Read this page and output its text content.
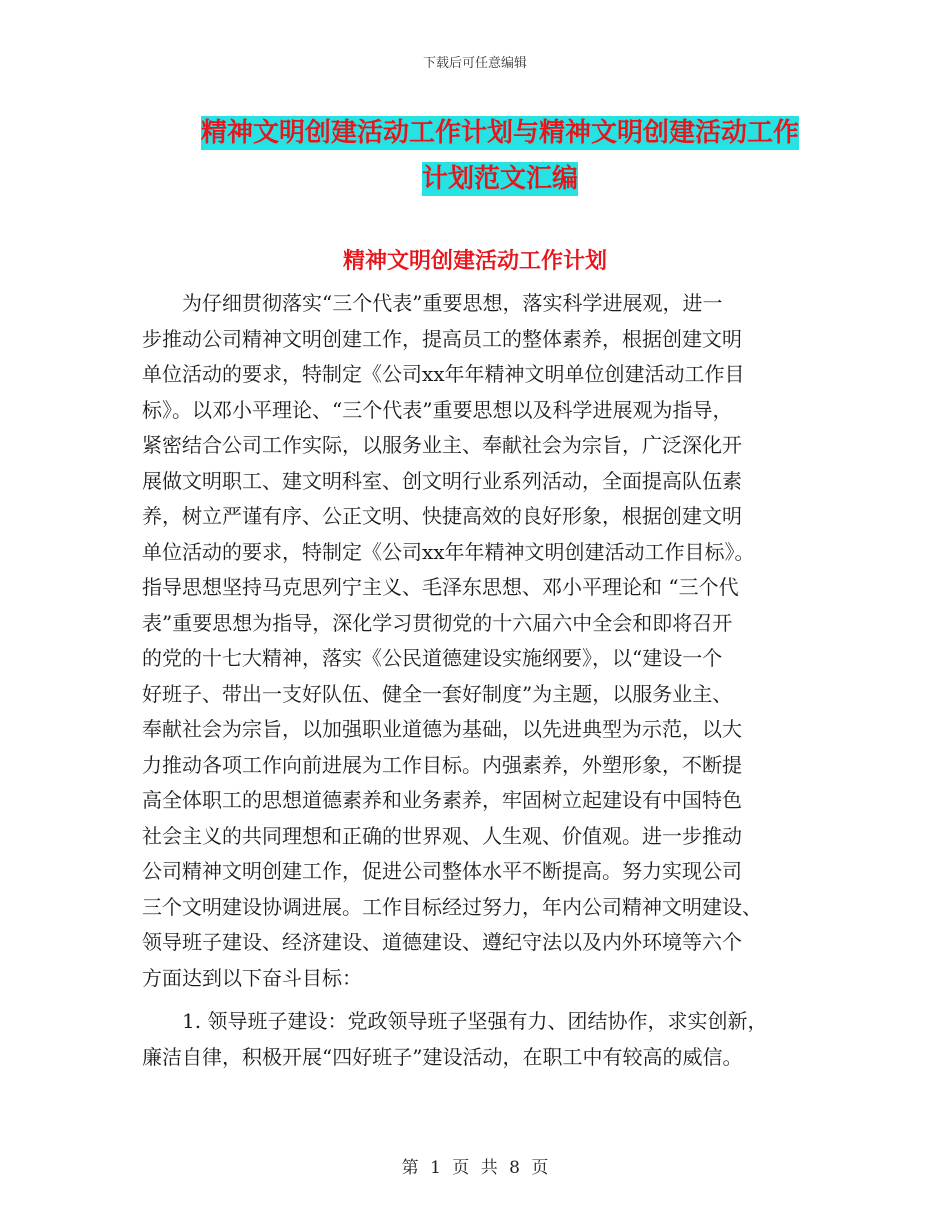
下载后可任意编辑
精神文明创建活动工作计划与精神文明创建活动工作
计划范文汇编
精神文明创建活动工作计划
为仔细贯彻落实“三个代表”重要思想，落实科学进展观，进一
步推动公司精神文明创建工作，提高员工的整体素养，根据创建文明
单位活动的要求，特制定《公司xx年年精神文明单位创建活动工作目
标》。以邓小平理论、“三个代表”重要思想以及科学进展观为指导，
紧密结合公司工作实际，以服务业主、奉献社会为宗旨，广泛深化开
展做文明职工、建文明科室、创文明行业系列活动，全面提高队伍素
养，树立严谨有序、公正文明、快捷高效的良好形象，根据创建文明
单位活动的要求，特制定《公司xx年年精神文明创建活动工作目标》。
指导思想坚持马克思列宁主义、毛泽东思想、邓小平理论和 “三个代
表”重要思想为指导，深化学习贯彻党的十六届六中全会和即将召开
的党的十七大精神，落实《公民道德建设实施纲要》，以“建设一个
好班子、带出一支好队伍、健全一套好制度”为主题，以服务业主、
奉献社会为宗旨，以加强职业道德为基础，以先进典型为示范，以大
力推动各项工作向前进展为工作目标。内强素养，外塑形象，不断提
高全体职工的思想道德素养和业务素养，牢固树立起建设有中国特色
社会主义的共同理想和正确的世界观、人生观、价值观。进一步推动
公司精神文明创建工作，促进公司整体水平不断提高。努力实现公司
三个文明建设协调进展。工作目标经过努力，年内公司精神文明建设、
领导班子建设、经济建设、道德建设、遵纪守法以及内外环境等六个
方面达到以下奋斗目标：
1. 领导班子建设：党政领导班子坚强有力、团结协作，求实创新，
廉洁自律，积极开展“四好班子”建设活动，在职工中有较高的威信。
第 1 页 共 8 页
